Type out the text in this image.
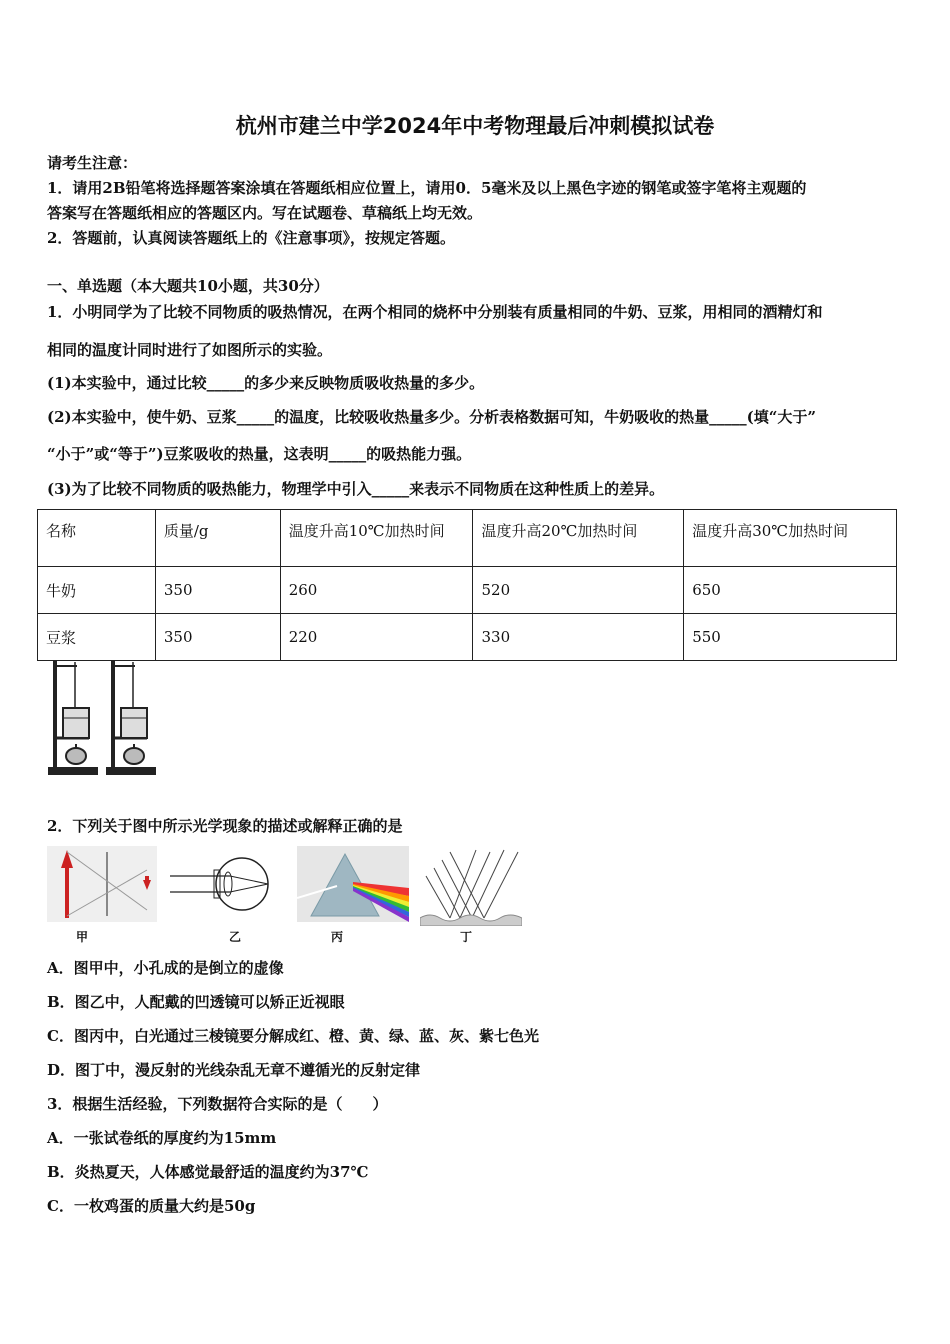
杭州市建兰中学2024年中考物理最后冲刺模拟试卷
请考生注意：
1．请用2B铅笔将选择题答案涂填在答题纸相应位置上，请用0．5毫米及以上黑色字迹的钢笔或签字笔将主观题的
答案写在答题纸相应的答题区内。写在试题卷、草稿纸上均无效。
2．答题前，认真阅读答题纸上的《注意事项》，按规定答题。
一、单选题（本大题共10小题，共30分）
1．小明同学为了比较不同物质的吸热情况，在两个相同的烧杯中分别装有质量相同的牛奶、豆浆，用相同的酒精灯和
相同的温度计同时进行了如图所示的实验。
(1)本实验中，通过比较_____的多少来反映物质吸收热量的多少。
(2)本实验中，使牛奶、豆浆_____的温度，比较吸收热量多少。分析表格数据可知，牛奶吸收的热量_____(填“大于”
“小于”或“等于”)豆浆吸收的热量，这表明_____的吸热能力强。
(3)为了比较不同物质的吸热能力，物理学中引入_____来表示不同物质在这种性质上的差异。
名称	质量/g	温度升高10℃加热时间	温度升高20℃加热时间	温度升高30℃加热时间
牛奶	350	260	520	650
豆浆	350	220	330	550
2．下列关于图中所示光学现象的描述或解释正确的是
甲	乙	丙	丁
A．图甲中，小孔成的是倒立的虚像
B．图乙中，人配戴的凹透镜可以矫正近视眼
C．图丙中，白光通过三棱镜要分解成红、橙、黄、绿、蓝、灰、紫七色光
D．图丁中，漫反射的光线杂乱无章不遵循光的反射定律
3．根据生活经验，下列数据符合实际的是（　　）
A．一张试卷纸的厚度约为15mm
B．炎热夏天，人体感觉最舒适的温度约为37℃
C．一枚鸡蛋的质量大约是50g
